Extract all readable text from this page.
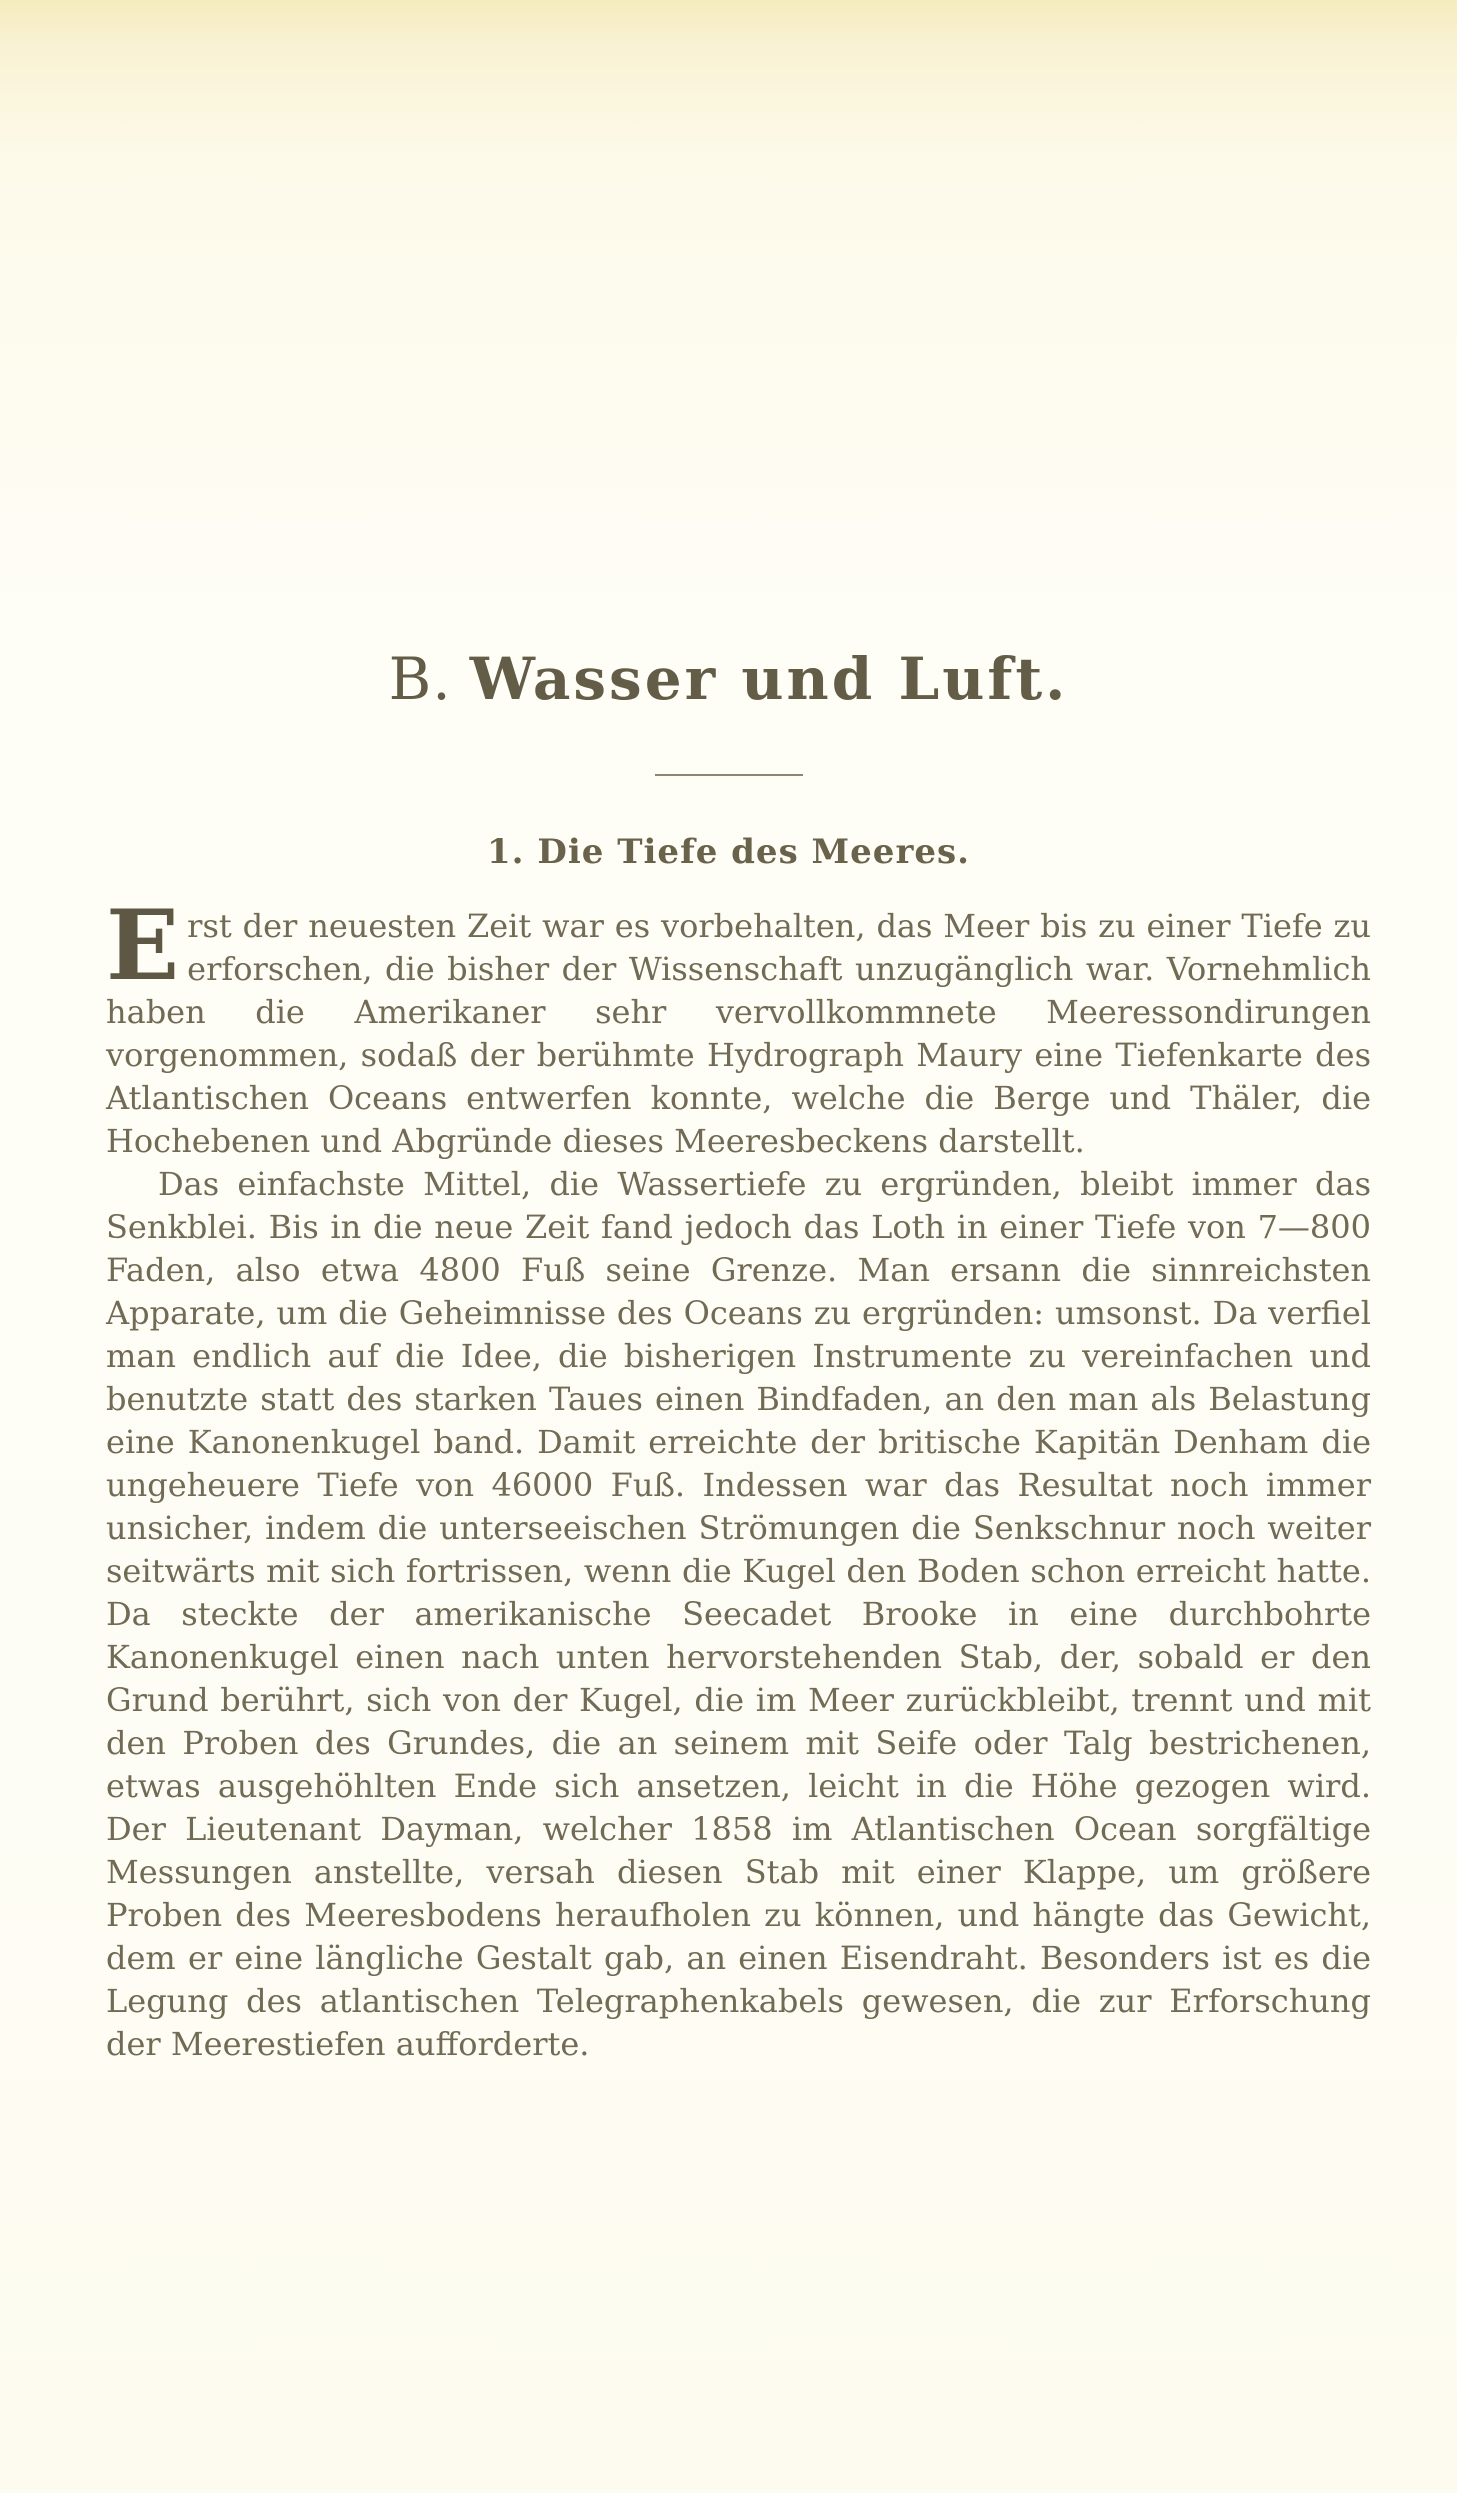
B. Wasser und Luft.
1. Die Tiefe des Meeres.

Erst der neuesten Zeit war es vorbehalten, das Meer bis zu einer Tiefe zu erforschen, die bisher der Wissenschaft unzugänglich war. Vornehmlich haben die Amerikaner sehr vervollkommnete Meeressondirungen vorgenommen, sodaß der berühmte Hydrograph Maury eine Tiefenkarte des Atlantischen Oceans entwerfen konnte, welche die Berge und Thäler, die Hochebenen und Abgründe dieses Meeresbeckens darstellt.

Das einfachste Mittel, die Wassertiefe zu ergründen, bleibt immer das Senkblei. Bis in die neue Zeit fand jedoch das Loth in einer Tiefe von 7—800 Faden, also etwa 4800 Fuß seine Grenze. Man ersann die sinnreichsten Apparate, um die Geheimnisse des Oceans zu ergründen: umsonst. Da verfiel man endlich auf die Idee, die bisherigen Instrumente zu vereinfachen und benutzte statt des starken Taues einen Bindfaden, an den man als Belastung eine Kanonenkugel band. Damit erreichte der britische Kapitän Denham die ungeheuere Tiefe von 46000 Fuß. Indessen war das Resultat noch immer unsicher, indem die unterseeischen Strömungen die Senkschnur noch weiter seitwärts mit sich fortrissen, wenn die Kugel den Boden schon erreicht hatte. Da steckte der amerikanische Seecadet Brooke in eine durchbohrte Kanonenkugel einen nach unten hervorstehenden Stab, der, sobald er den Grund berührt, sich von der Kugel, die im Meer zurückbleibt, trennt und mit den Proben des Grundes, die an seinem mit Seife oder Talg bestrichenen, etwas ausgehöhlten Ende sich ansetzen, leicht in die Höhe gezogen wird. Der Lieutenant Dayman, welcher 1858 im Atlantischen Ocean sorgfältige Messungen anstellte, versah diesen Stab mit einer Klappe, um größere Proben des Meeresbodens heraufholen zu können, und hängte das Gewicht, dem er eine längliche Gestalt gab, an einen Eisendraht. Besonders ist es die Legung des atlantischen Telegraphenkabels gewesen, die zur Erforschung der Meerestiefen aufforderte.
